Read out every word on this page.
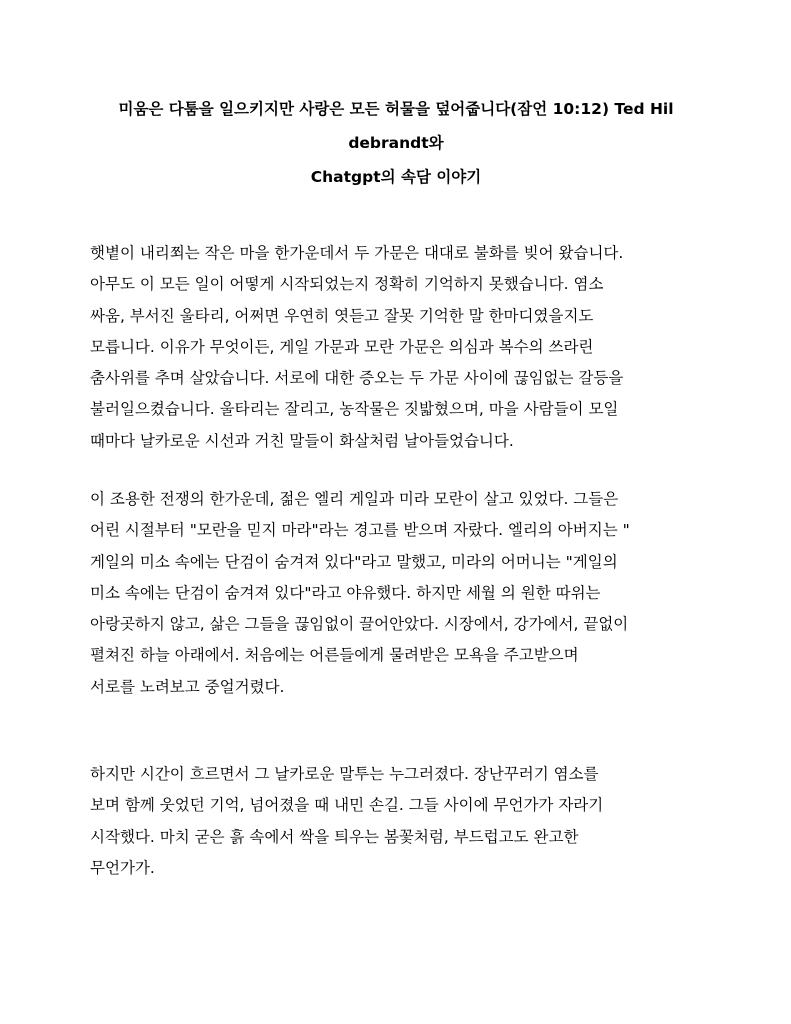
미움은 다툼을 일으키지만 사랑은 모든 허물을 덮어줍니다(잠언 10:12) Ted Hil
debrandt와
Chatgpt의 속담 이야기
햇볕이 내리쬐는 작은 마을 한가운데서 두 가문은 대대로 불화를 빚어 왔습니다.
아무도 이 모든 일이 어떻게 시작되었는지 정확히 기억하지 못했습니다. 염소
싸움, 부서진 울타리, 어쩌면 우연히 엿듣고 잘못 기억한 말 한마디였을지도
모릅니다. 이유가 무엇이든, 게일 가문과 모란 가문은 의심과 복수의 쓰라린
춤사위를 추며 살았습니다. 서로에 대한 증오는 두 가문 사이에 끊임없는 갈등을
불러일으켰습니다. 울타리는 잘리고, 농작물은 짓밟혔으며, 마을 사람들이 모일
때마다 날카로운 시선과 거친 말들이 화살처럼 날아들었습니다.
이 조용한 전쟁의 한가운데, 젊은 엘리 게일과 미라 모란이 살고 있었다. 그들은
어린 시절부터 "모란을 믿지 마라"라는 경고를 받으며 자랐다. 엘리의 아버지는 "
게일의 미소 속에는 단검이 숨겨져 있다"라고 말했고, 미라의 어머니는 "게일의
미소 속에는 단검이 숨겨져 있다"라고 야유했다. 하지만 세월 의 원한 따위는
아랑곳하지 않고, 삶은 그들을 끊임없이 끌어안았다. 시장에서, 강가에서, 끝없이
펼쳐진 하늘 아래에서. 처음에는 어른들에게 물려받은 모욕을 주고받으며
서로를 노려보고 중얼거렸다.
하지만 시간이 흐르면서 그 날카로운 말투는 누그러졌다. 장난꾸러기 염소를
보며 함께 웃었던 기억, 넘어졌을 때 내민 손길. 그들 사이에 무언가가 자라기
시작했다. 마치 굳은 흙 속에서 싹을 틔우는 봄꽃처럼, 부드럽고도 완고한
무언가가.
